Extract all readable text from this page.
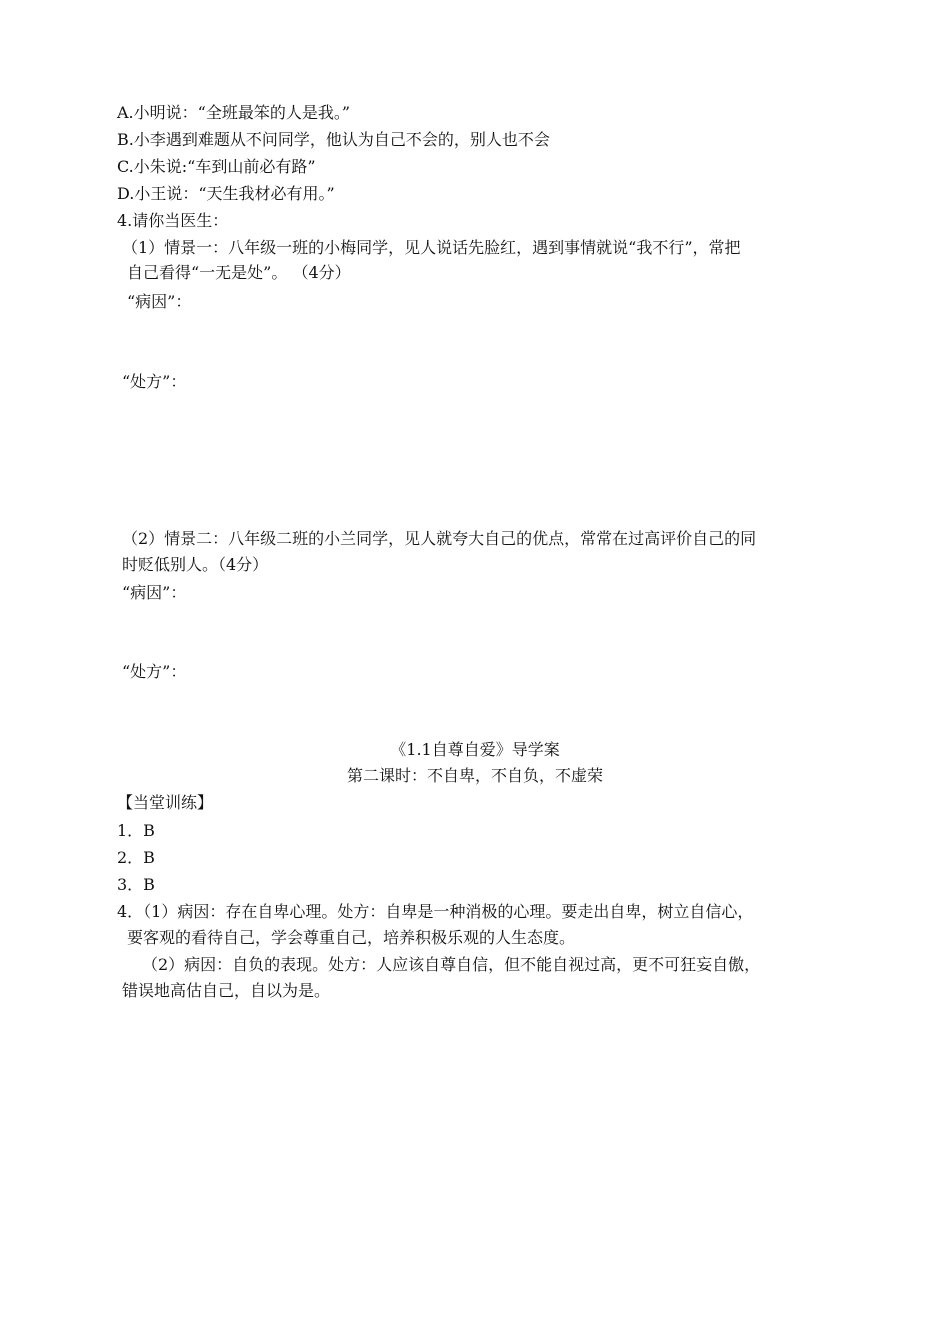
A.小明说：“全班最笨的人是我。”
B.小李遇到难题从不问同学，他认为自己不会的，别人也不会
C.小朱说:“车到山前必有路”
D.小王说：“天生我材必有用。”
4.请你当医生：
（1）情景一：八年级一班的小梅同学，见人说话先脸红，遇到事情就说“我不行”，常把
自己看得“一无是处”。 （4分）
“病因”：
“处方”：
（2）情景二：八年级二班的小兰同学，见人就夸大自己的优点，常常在过高评价自己的同
时贬低别人。（4分）
“病因”：
“处方”：
《1.1自尊自爱》导学案
第二课时：不自卑，不自负，不虚荣
【当堂训练】
1．B
2．B
3．B
4．（1）病因：存在自卑心理。处方：自卑是一种消极的心理。要走出自卑，树立自信心，
要客观的看待自己，学会尊重自己，培养积极乐观的人生态度。
（2）病因：自负的表现。处方：人应该自尊自信，但不能自视过高，更不可狂妄自傲，
错误地高估自己，自以为是。
